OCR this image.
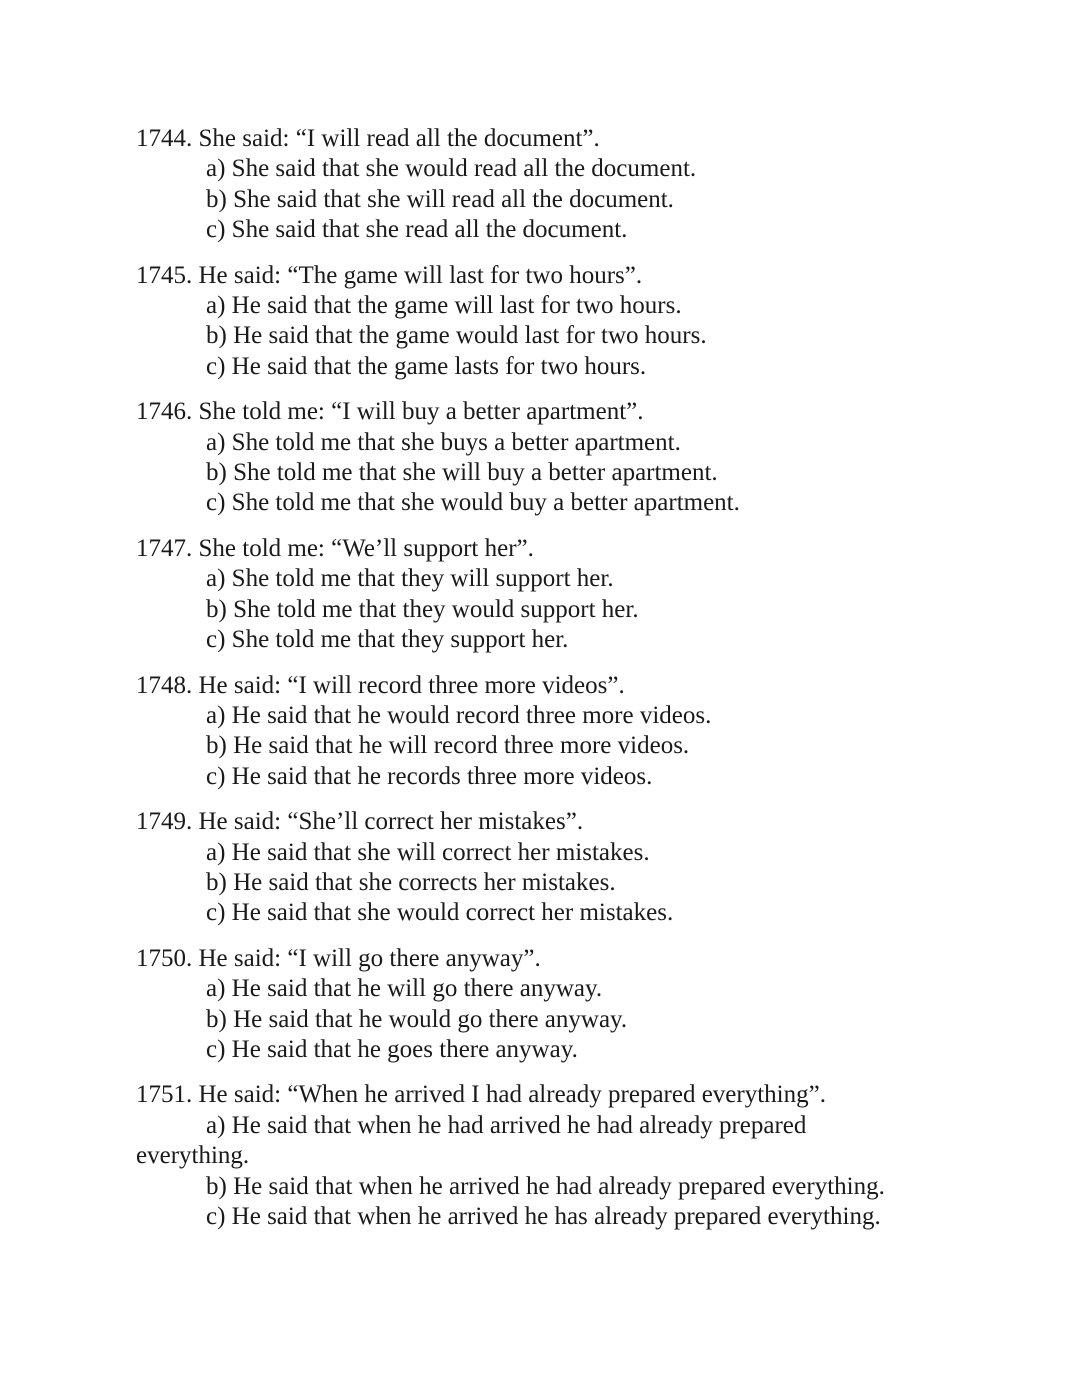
1744. She said: “I will read all the document”.
a) She said that she would read all the document.
b) She said that she will read all the document.
c) She said that she read all the document.
1745. He said: “The game will last for two hours”.
a) He said that the game will last for two hours.
b) He said that the game would last for two hours.
c) He said that the game lasts for two hours.
1746. She told me: “I will buy a better apartment”.
a) She told me that she buys a better apartment.
b) She told me that she will buy a better apartment.
c) She told me that she would buy a better apartment.
1747. She told me: “We’ll support her”.
a) She told me that they will support her.
b) She told me that they would support her.
c) She told me that they support her.
1748. He said: “I will record three more videos”.
a) He said that he would record three more videos.
b) He said that he will record three more videos.
c) He said that he records three more videos.
1749. He said: “She’ll correct her mistakes”.
a) He said that she will correct her mistakes.
b) He said that she corrects her mistakes.
c) He said that she would correct her mistakes.
1750. He said: “I will go there anyway”.
a) He said that he will go there anyway.
b) He said that he would go there anyway.
c) He said that he goes there anyway.
1751. He said: “When he arrived I had already prepared everything”.
a) He said that when he had arrived he had already prepared
everything.
b) He said that when he arrived he had already prepared everything.
c) He said that when he arrived he has already prepared everything.
